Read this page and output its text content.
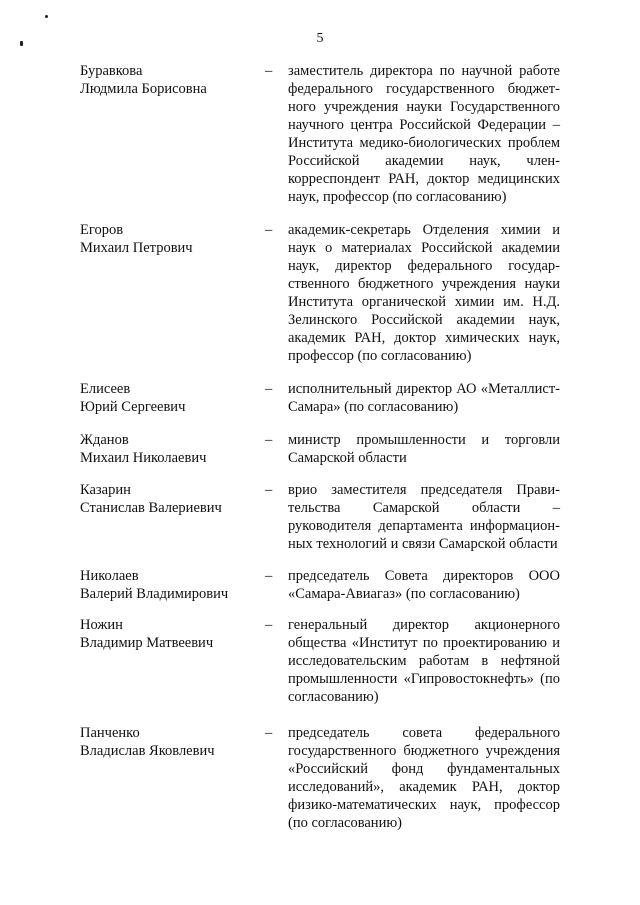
5
Буравкова
Людмила Борисовна
–	заместитель директора по научной работе федерального государственного бюджетного учреждения науки Государственного научного центра Российской Федерации – Института медико-биологических проблем Российской академии наук, член-корреспондент РАН, доктор медицинских наук, профессор (по согласованию)
Егоров
Михаил Петрович
–	академик-секретарь Отделения химии и наук о материалах Российской академии наук, директор федерального государственного бюджетного учреждения науки Института органической химии им. Н.Д. Зелинского Российской академии наук, академик РАН, доктор химических наук, профессор (по согласованию)
Елисеев
Юрий Сергеевич
–	исполнительный директор АО «Металлист-Самара» (по согласованию)
Жданов
Михаил Николаевич
–	министр промышленности и торговли Самарской области
Казарин
Станислав Валериевич
–	врио заместителя председателя Правительства Самарской области – руководителя департамента информационных технологий и связи Самарской области
Николаев
Валерий Владимирович
–	председатель Совета директоров ООО «Самара-Авиагаз» (по согласованию)
Ножин
Владимир Матвеевич
–	генеральный директор акционерного общества «Институт по проектированию и исследовательским работам в нефтяной промышленности «Гипровостокнефть» (по согласованию)
Панченко
Владислав Яковлевич
–	председатель совета федерального государственного бюджетного учреждения «Российский фонд фундаментальных исследований», академик РАН, доктор физико-математических наук, профессор (по согласованию)
